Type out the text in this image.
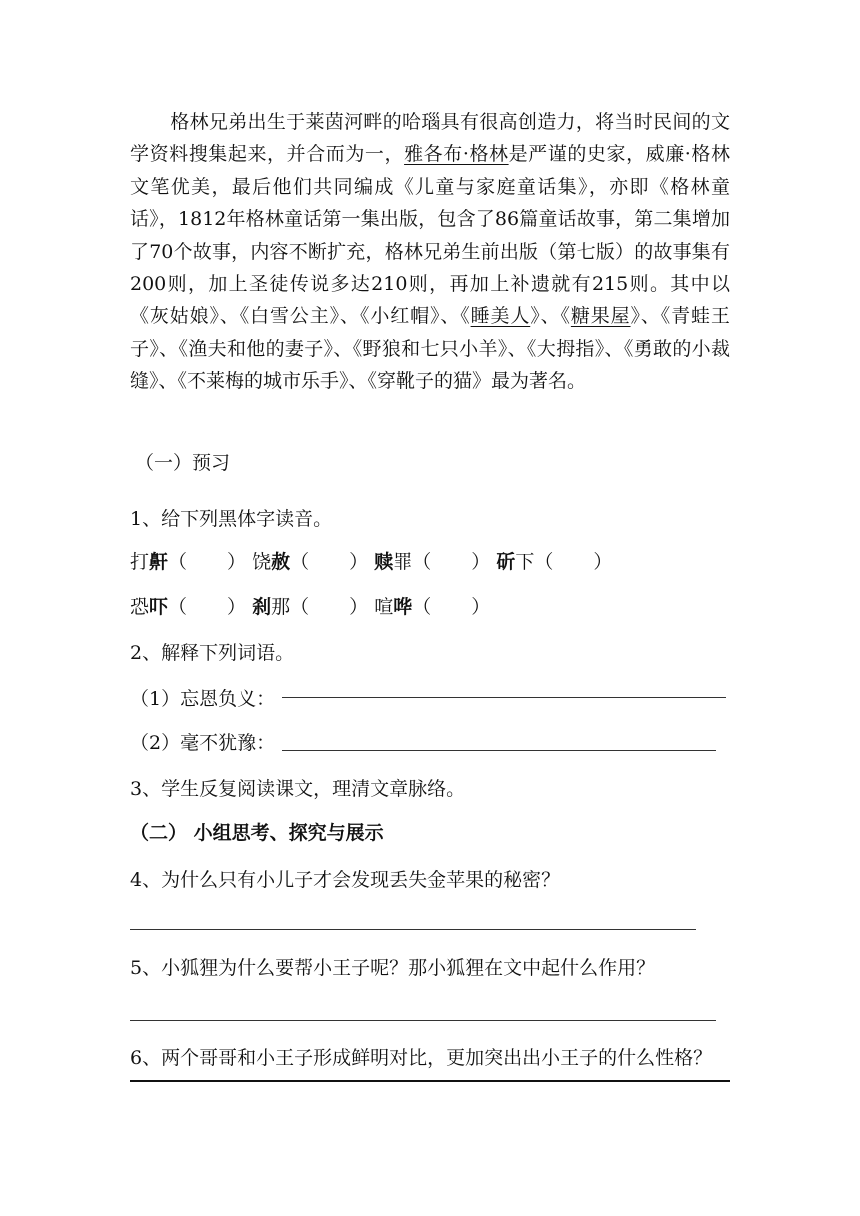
格林兄弟出生于莱茵河畔的哈瑙具有很高创造力，将当时民间的文学资料搜集起来，并合而为一，雅各布·格林是严谨的史家，威廉·格林文笔优美，最后他们共同编成《儿童与家庭童话集》，亦即《格林童话》，1812年格林童话第一集出版，包含了86篇童话故事，第二集增加了70个故事，内容不断扩充，格林兄弟生前出版（第七版）的故事集有200则，加上圣徒传说多达210则，再加上补遗就有215则。其中以《灰姑娘》、《白雪公主》、《小红帽》、《睡美人》、《糖果屋》、《青蛙王子》、《渔夫和他的妻子》、《野狼和七只小羊》、《大拇指》、《勇敢的小裁缝》、《不莱梅的城市乐手》、《穿靴子的猫》最为著名。

（一）预习
1、给下列黑体字读音。
打鼾（ ） 饶赦（ ） 赎罪（ ） 斫下（ ）
恐吓（ ） 刹那（ ） 喧哗（ ）
2、解释下列词语。
（1）忘恩负义：
（2）毫不犹豫：
3、学生反复阅读课文，理清文章脉络。
（二） 小组思考、探究与展示
4、为什么只有小儿子才会发现丢失金苹果的秘密？
5、小狐狸为什么要帮小王子呢？那小狐狸在文中起什么作用？
6、两个哥哥和小王子形成鲜明对比，更加突出出小王子的什么性格？
